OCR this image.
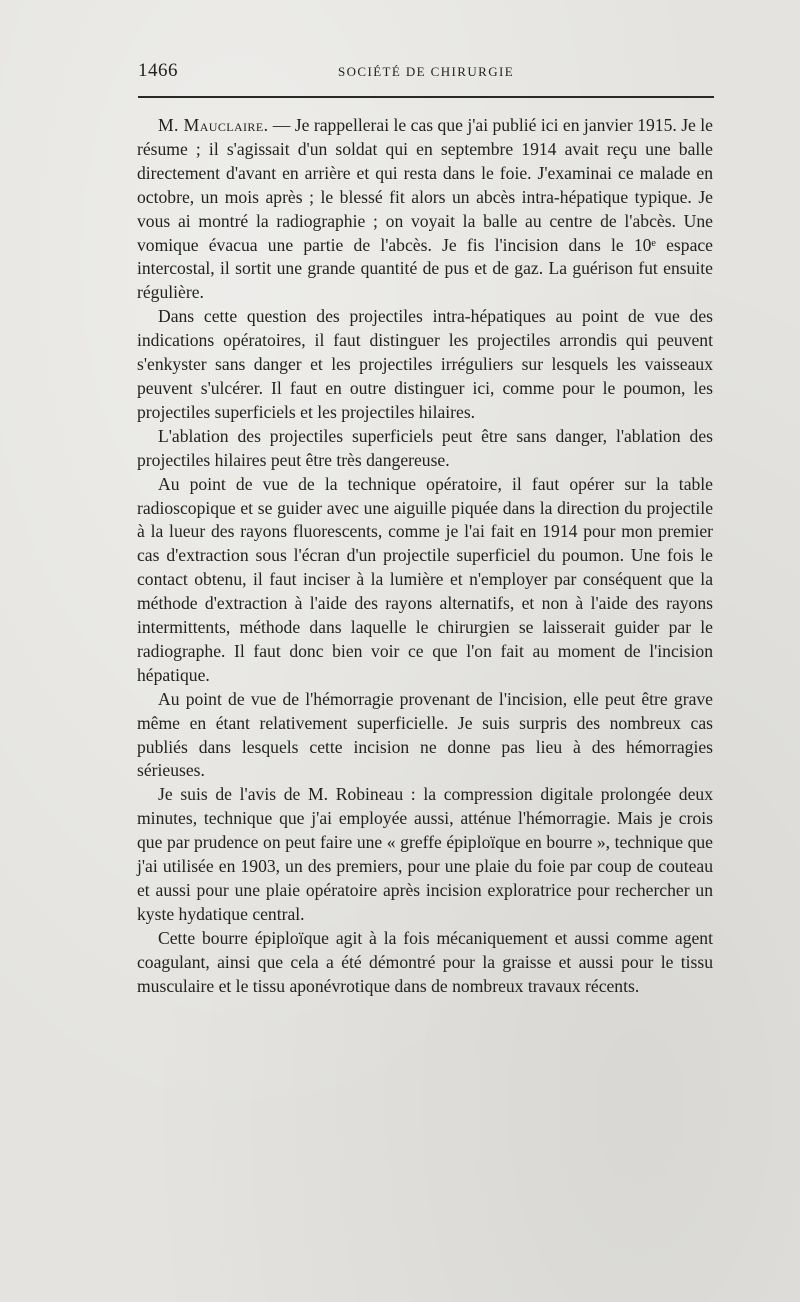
1466	SOCIÉTÉ DE CHIRURGIE

M. Mauclaire. — Je rappellerai le cas que j'ai publié ici en janvier 1915. Je le résume ; il s'agissait d'un soldat qui en septembre 1914 avait reçu une balle directement d'avant en arrière et qui resta dans le foie. J'examinai ce malade en octobre, un mois après ; le blessé fit alors un abcès intra-hépatique typique. Je vous ai montré la radiographie ; on voyait la balle au centre de l'abcès. Une vomique évacua une partie de l'abcès. Je fis l'incision dans le 10ᵉ espace intercostal, il sortit une grande quantité de pus et de gaz. La guérison fut ensuite régulière.

Dans cette question des projectiles intra-hépatiques au point de vue des indications opératoires, il faut distinguer les projectiles arrondis qui peuvent s'enkyster sans danger et les projectiles irréguliers sur lesquels les vaisseaux peuvent s'ulcérer. Il faut en outre distinguer ici, comme pour le poumon, les projectiles superficiels et les projectiles hilaires.

L'ablation des projectiles superficiels peut être sans danger, l'ablation des projectiles hilaires peut être très dangereuse.

Au point de vue de la technique opératoire, il faut opérer sur la table radioscopique et se guider avec une aiguille piquée dans la direction du projectile à la lueur des rayons fluorescents, comme je l'ai fait en 1914 pour mon premier cas d'extraction sous l'écran d'un projectile superficiel du poumon. Une fois le contact obtenu, il faut inciser à la lumière et n'employer par conséquent que la méthode d'extraction à l'aide des rayons alternatifs, et non à l'aide des rayons intermittents, méthode dans laquelle le chirurgien se laisserait guider par le radiographe. Il faut donc bien voir ce que l'on fait au moment de l'incision hépatique.

Au point de vue de l'hémorragie provenant de l'incision, elle peut être grave même en étant relativement superficielle. Je suis surpris des nombreux cas publiés dans lesquels cette incision ne donne pas lieu à des hémorragies sérieuses.

Je suis de l'avis de M. Robineau : la compression digitale prolongée deux minutes, technique que j'ai employée aussi, atténue l'hémorragie. Mais je crois que par prudence on peut faire une « greffe épiploïque en bourre », technique que j'ai utilisée en 1903, un des premiers, pour une plaie du foie par coup de couteau et aussi pour une plaie opératoire après incision exploratrice pour rechercher un kyste hydatique central.

Cette bourre épiploïque agit à la fois mécaniquement et aussi comme agent coagulant, ainsi que cela a été démontré pour la graisse et aussi pour le tissu musculaire et le tissu aponévrotique dans de nombreux travaux récents.
